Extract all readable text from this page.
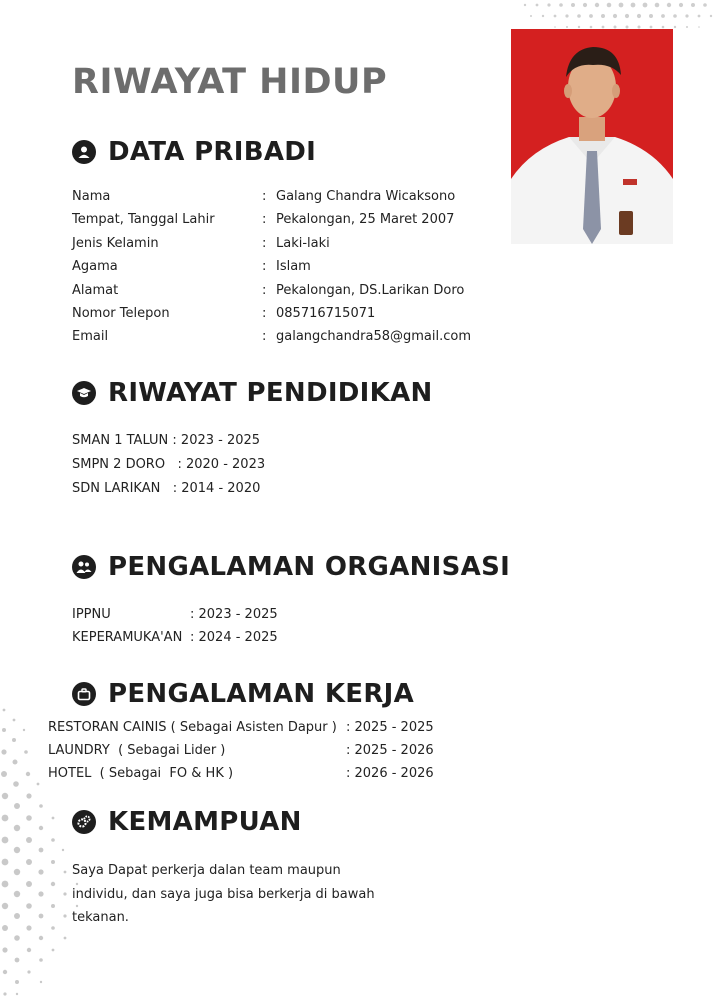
RIWAYAT HIDUP
DATA PRIBADI
Nama	: Galang Chandra Wicaksono
Tempat, Tanggal Lahir	: Pekalongan, 25 Maret 2007
Jenis Kelamin	: Laki-laki
Agama	: Islam
Alamat	: Pekalongan, DS.Larikan Doro
Nomor Telepon	: 085716715071
Email	: galangchandra58@gmail.com
RIWAYAT PENDIDIKAN
SMAN 1 TALUN : 2023 - 2025
SMPN 2 DORO   : 2020 - 2023
SDN LARIKAN   : 2014 - 2020
PENGALAMAN ORGANISASI
IPPNU	: 2023 - 2025
KEPERAMUKA'AN : 2024 - 2025
PENGALAMAN KERJA
RESTORAN CAINIS ( Sebagai Asisten Dapur ) : 2025 - 2025
LAUNDRY  ( Sebagai Lider )	: 2025 - 2026
HOTEL  ( Sebagai  FO & HK )	: 2026 - 2026
KEMAMPUAN
Saya Dapat perkerja dalan team maupun individu, dan saya juga bisa berkerja di bawah tekanan.
